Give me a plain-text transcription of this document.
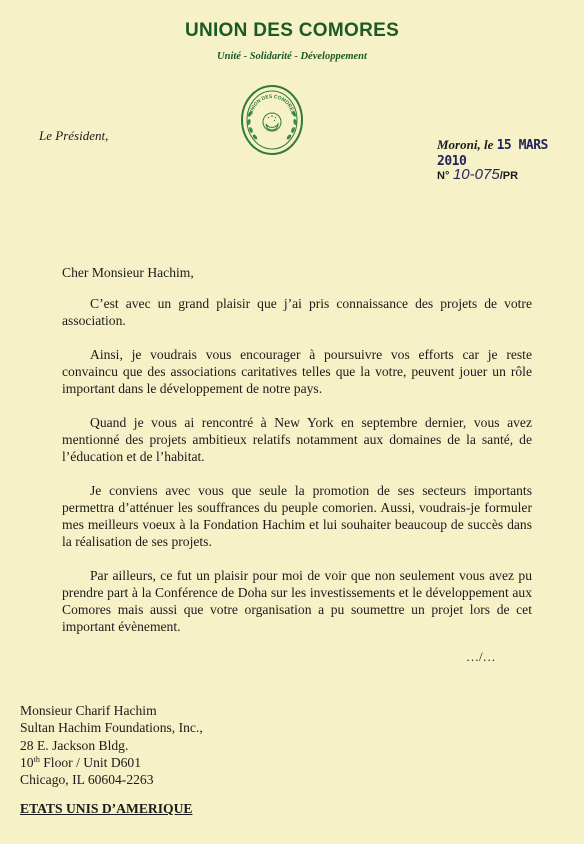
UNION DES COMORES
Unité - Solidarité - Développement
UNION DES COMORES
Le Président,
Moroni, le 15 MARS 2010
N° 10-075/PR

Cher Monsieur Hachim,

C’est avec un grand plaisir que j’ai pris connaissance des projets de votre association.

Ainsi, je voudrais vous encourager à poursuivre vos efforts car je reste convaincu que des associations caritatives telles que la votre, peuvent jouer un rôle important dans le développement de notre pays.

Quand je vous ai rencontré à New York en septembre dernier, vous avez mentionné des projets ambitieux relatifs notamment aux domaines de la santé, de l’éducation et de l’habitat.

Je conviens avec vous que seule la promotion de ses secteurs importants permettra d’atténuer les souffrances du peuple comorien. Aussi, voudrais-je formuler mes meilleurs voeux à la Fondation Hachim et lui souhaiter beaucoup de succès dans la réalisation de ses projets.

Par ailleurs, ce fut un plaisir pour moi de voir que non seulement vous avez pu prendre part à la Conférence de Doha sur les investissements et le développement aux Comores mais aussi que votre organisation a pu soumettre un projet lors de cet important évènement.

…/…
Monsieur Charif Hachim
Sultan Hachim Foundations, Inc.,
28 E. Jackson Bldg.
10th Floor / Unit D601
Chicago, IL 60604-2263
ETATS UNIS D’AMERIQUE
